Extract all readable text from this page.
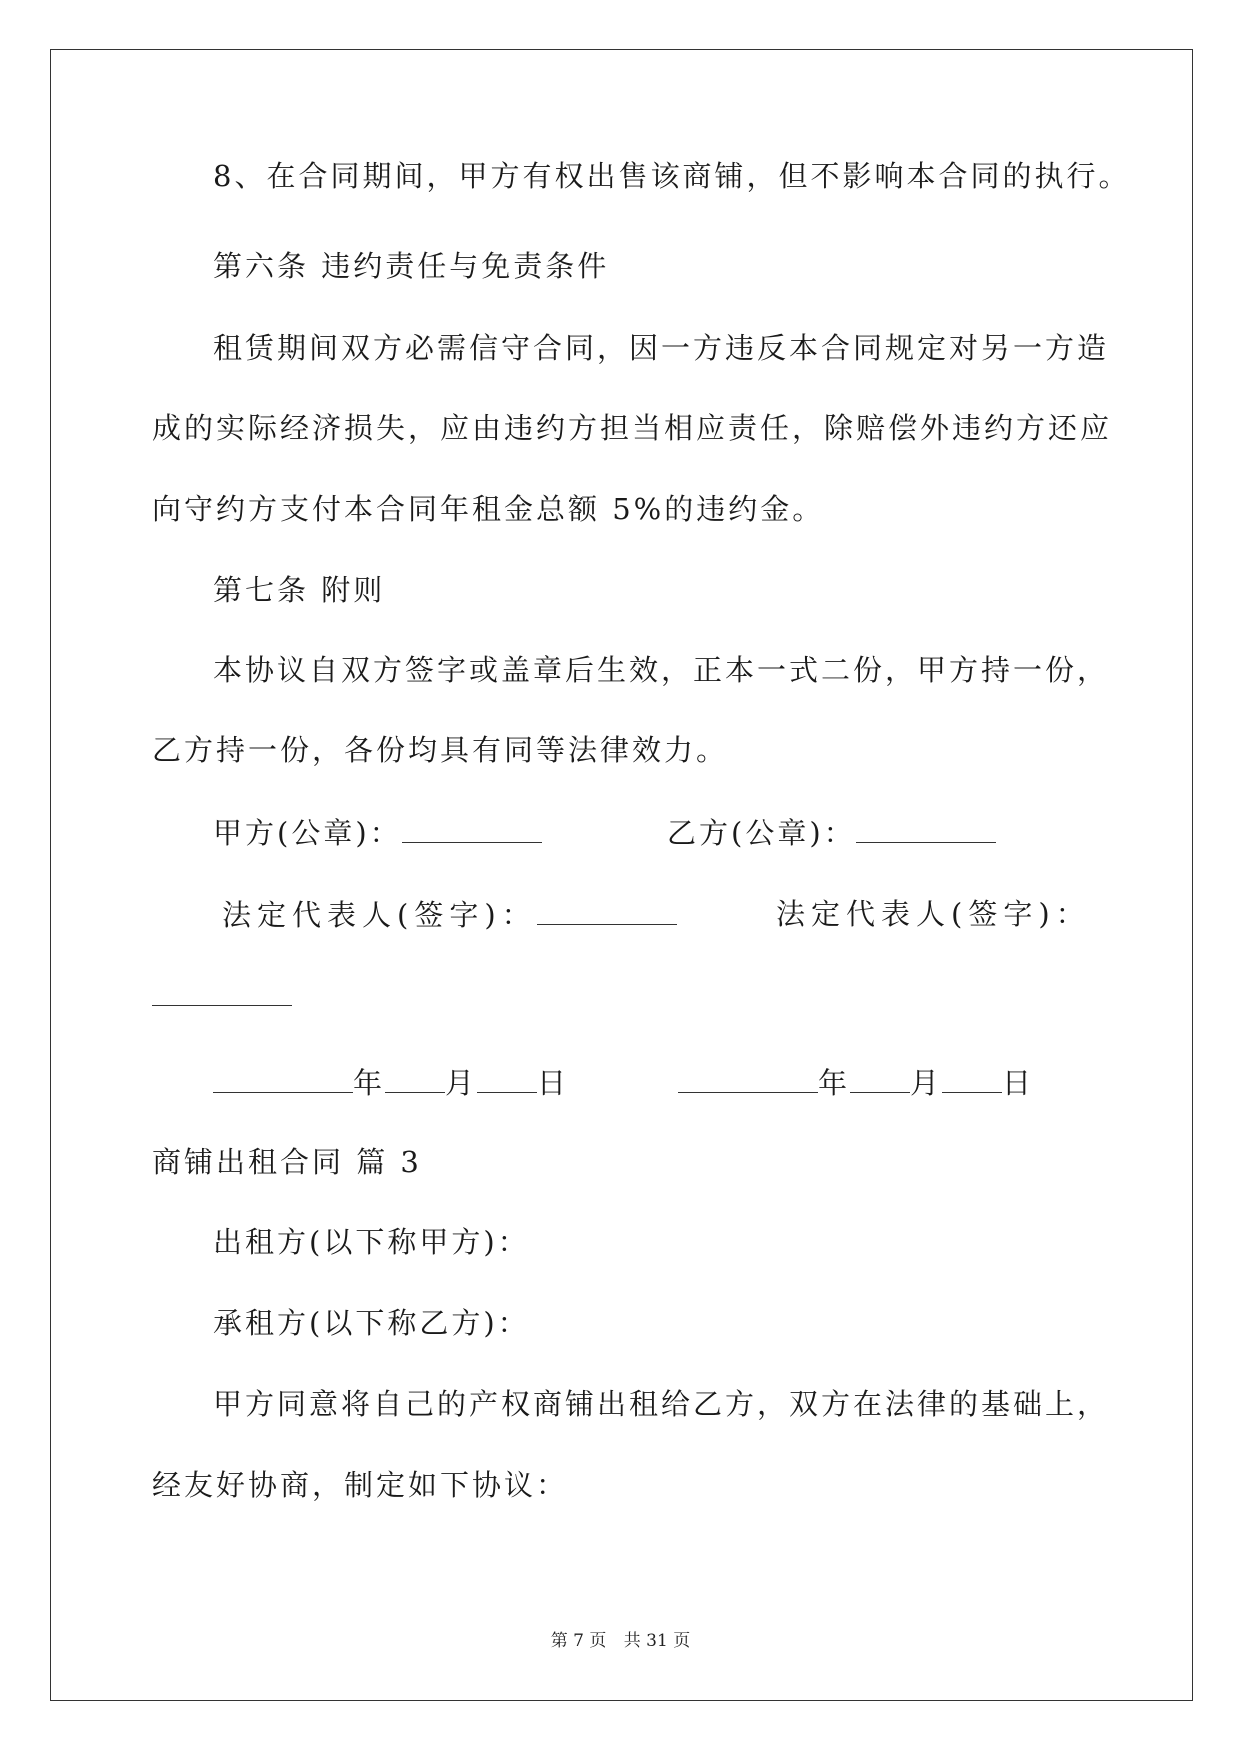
8、在合同期间，甲方有权出售该商铺，但不影响本合同的执行。
第六条 违约责任与免责条件
租赁期间双方必需信守合同，因一方违反本合同规定对另一方造
成的实际经济损失，应由违约方担当相应责任，除赔偿外违约方还应
向守约方支付本合同年租金总额 5%的违约金。
第七条 附则
本协议自双方签字或盖章后生效，正本一式二份，甲方持一份，
乙方持一份，各份均具有同等法律效力。
甲方(公章)：	乙方(公章)：
法定代表人(签字)：	法定代表人(签字)：
年 月 日	年 月 日
商铺出租合同 篇 3
出租方(以下称甲方)：
承租方(以下称乙方)：
甲方同意将自己的产权商铺出租给乙方，双方在法律的基础上，
经友好协商，制定如下协议：
第 7 页 共 31 页
